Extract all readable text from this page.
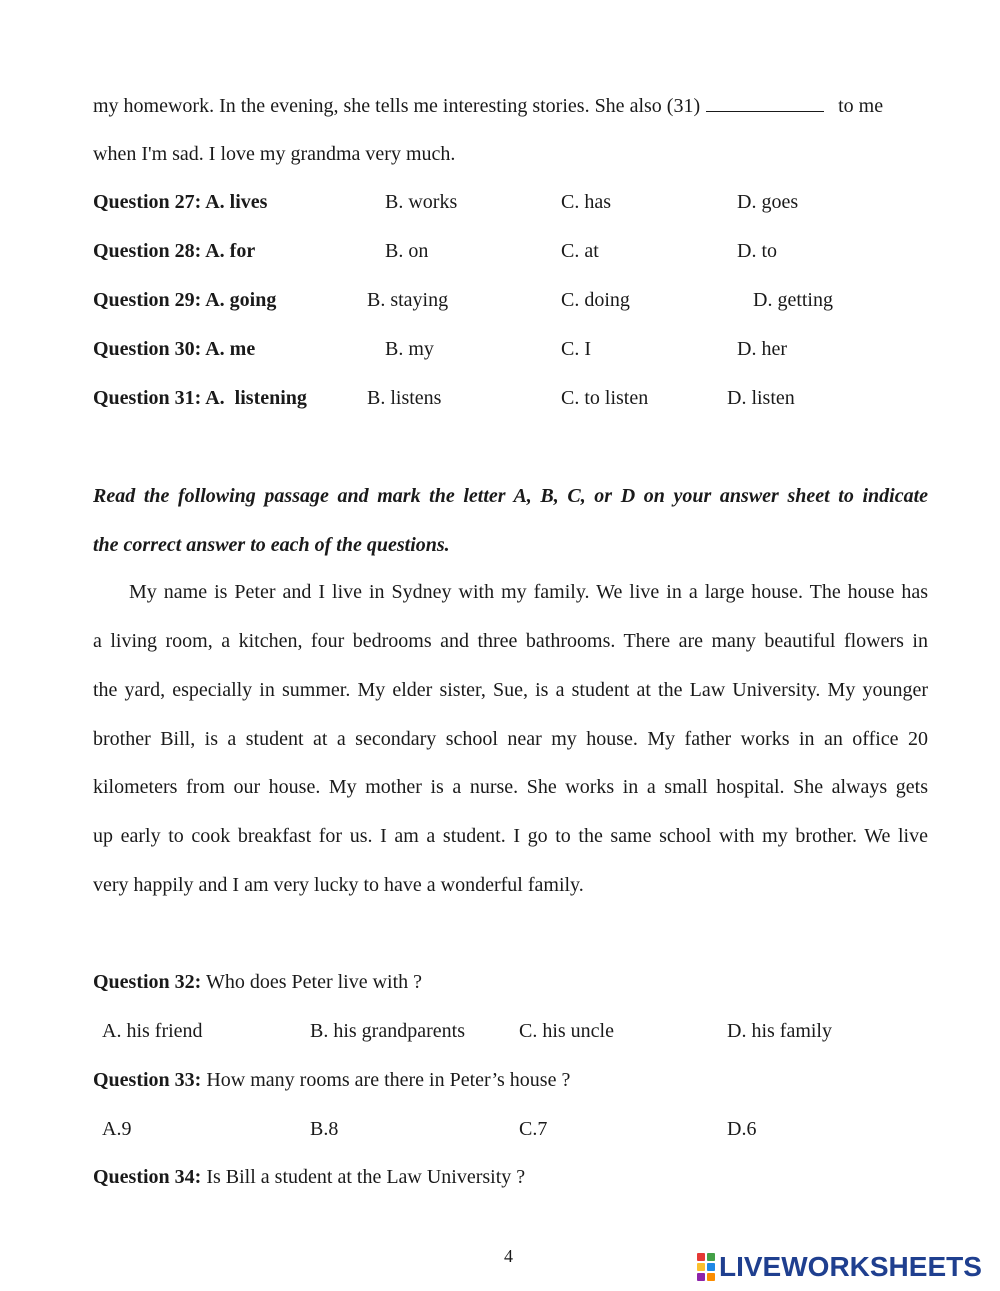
my homework. In the evening, she tells me interesting stories. She also (31)	to me
when I'm sad. I love my grandma very much.
Question 27: A. lives	B. works	C. has	D. goes
Question 28: A. for	B. on	C. at	D. to
Question 29: A. going	B. staying	C. doing	D. getting
Question 30: A. me	B. my	C. I	D. her
Question 31: A.  listening	B. listens	C. to listen	D. listen
Read the following passage and mark the letter A, B, C, or D on your answer sheet to indicate
the correct answer to each of the questions.
My name is Peter and I live in Sydney with my family. We live in a large house. The house has
a living room, a kitchen, four bedrooms and three bathrooms. There are many beautiful flowers in
the yard, especially in summer. My elder sister, Sue, is a student at the Law University. My younger
brother Bill, is a student at a secondary school near my house. My father works in an office 20
kilometers from our house. My mother is a nurse. She works in a small hospital. She always gets
up early to cook breakfast for us. I am a student. I go to the same school with my brother. We live
very happily and I am very lucky to have a wonderful family.
Question 32: Who does Peter live with ?
A. his friend	B. his grandparents	C. his uncle	D. his family
Question 33: How many rooms are there in Peter’s house ?
A.9	B.8	C.7	D.6
Question 34: Is Bill a student at the Law University ?
4	LIVEWORKSHEETS
